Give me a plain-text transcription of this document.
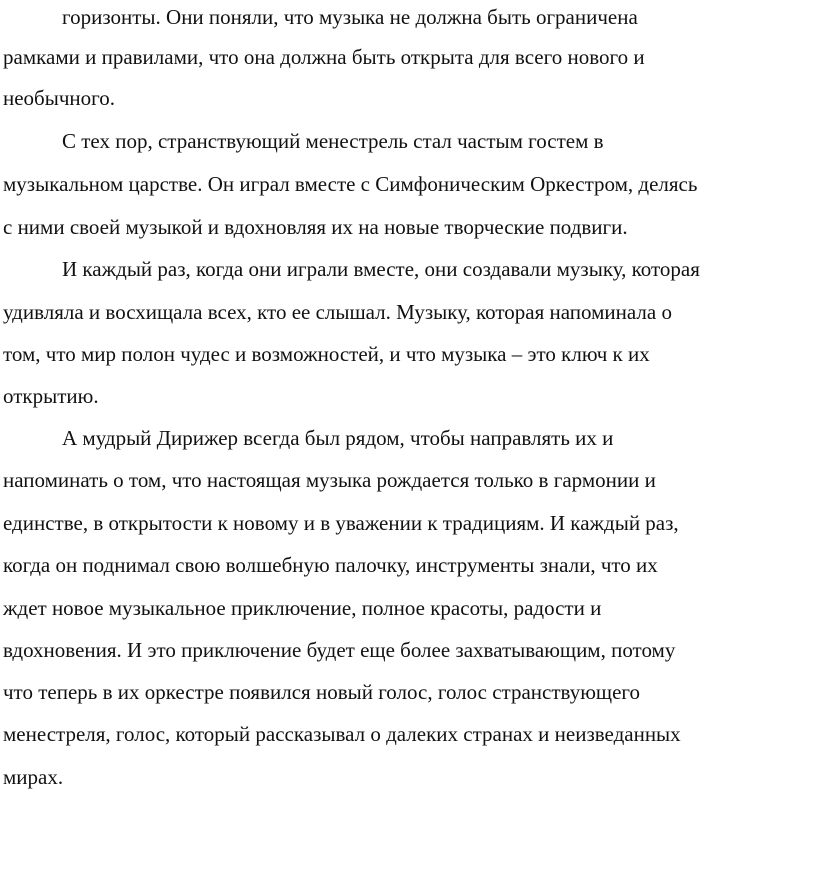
горизонты. Они поняли, что музыка не должна быть ограничена
рамками и правилами, что она должна быть открыта для всего нового и
необычного.
С тех пор, странствующий менестрель стал частым гостем в
музыкальном царстве. Он играл вместе с Симфоническим Оркестром, делясь
с ними своей музыкой и вдохновляя их на новые творческие подвиги.
И каждый раз, когда они играли вместе, они создавали музыку, которая
удивляла и восхищала всех, кто ее слышал. Музыку, которая напоминала о
том, что мир полон чудес и возможностей, и что музыка – это ключ к их
открытию.
А мудрый Дирижер всегда был рядом, чтобы направлять их и
напоминать о том, что настоящая музыка рождается только в гармонии и
единстве, в открытости к новому и в уважении к традициям. И каждый раз,
когда он поднимал свою волшебную палочку, инструменты знали, что их
ждет новое музыкальное приключение, полное красоты, радости и
вдохновения. И это приключение будет еще более захватывающим, потому
что теперь в их оркестре появился новый голос, голос странствующего
менестреля, голос, который рассказывал о далеких странах и неизведанных
мирах.
